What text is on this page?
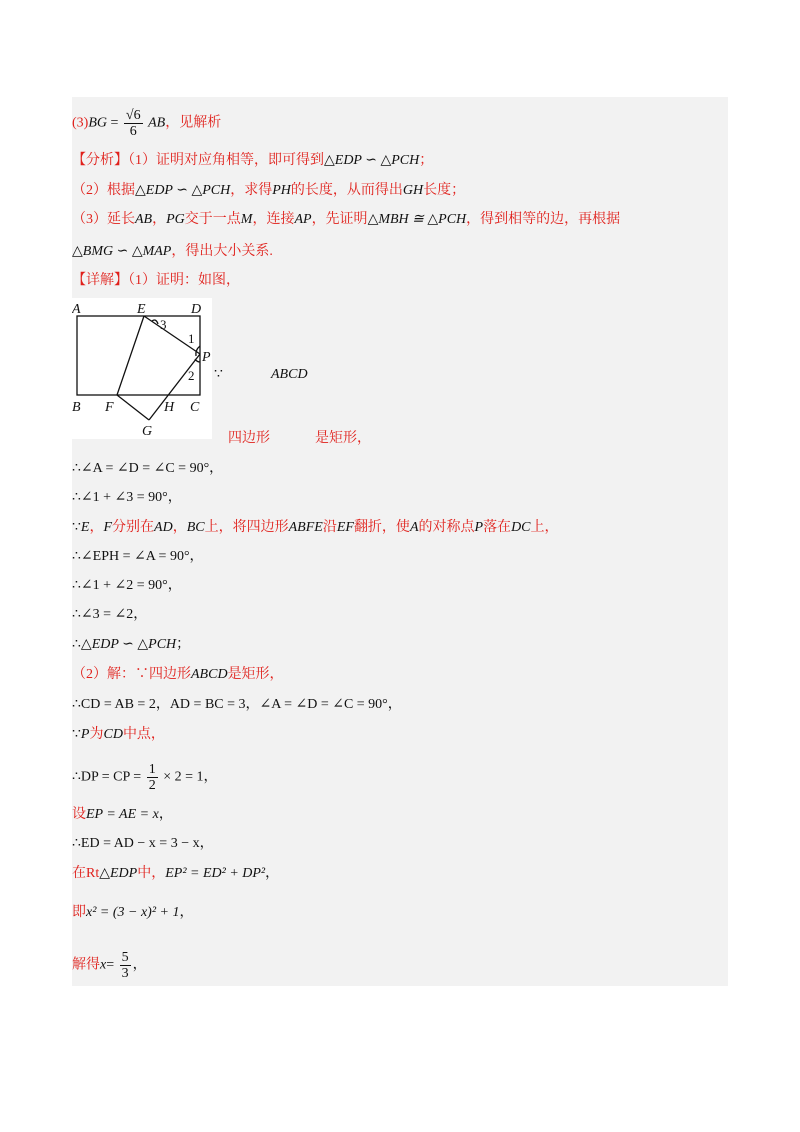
$(3)BG = \frac{√6}{6}$ AB，见解析
【分析】（1）证明对应角相等，即可得到△EDP ∽ △PCH；
（2）根据△EDP ∽ △PCH，求得PH的长度，从而得出GH长度；
（3）延长AB，PG交于一点M，连接AP，先证明△MBH ≅ △PCH，得到相等的边，再根据
△BMG ∽ △MAP，得出大小关系.
【详解】（1）证明：如图，
A	E	D
P
B F	H C
G
3
1
2 ∵	ABCD
四边形	是矩形，
∴∠A = ∠D = ∠C = 90°，
∴∠1 + ∠3 = 90°，
∵E，F分别在AD，BC上，将四边形ABFE沿EF翻折，使A的对称点P落在DC上，
∴∠EPH = ∠A = 90°，
∴∠1 + ∠2 = 90°，
∴∠3 = ∠2，
∴△EDP ∽ △PCH；
（2）解：∵四边形ABCD是矩形，
∴CD = AB = 2，AD = BC = 3，∠A = ∠D = ∠C = 90°，
∵P为CD中点，
∴DP = CP = $\frac{1}{2} \times 2 = 1$，
设EP = AE = x，
∴ED = AD − x = 3 − x，
在Rt△EDP中，EP² = ED² + DP²，
即x² = (3 − x)² + 1，
解得$x= \frac{5}{3}$ ，
